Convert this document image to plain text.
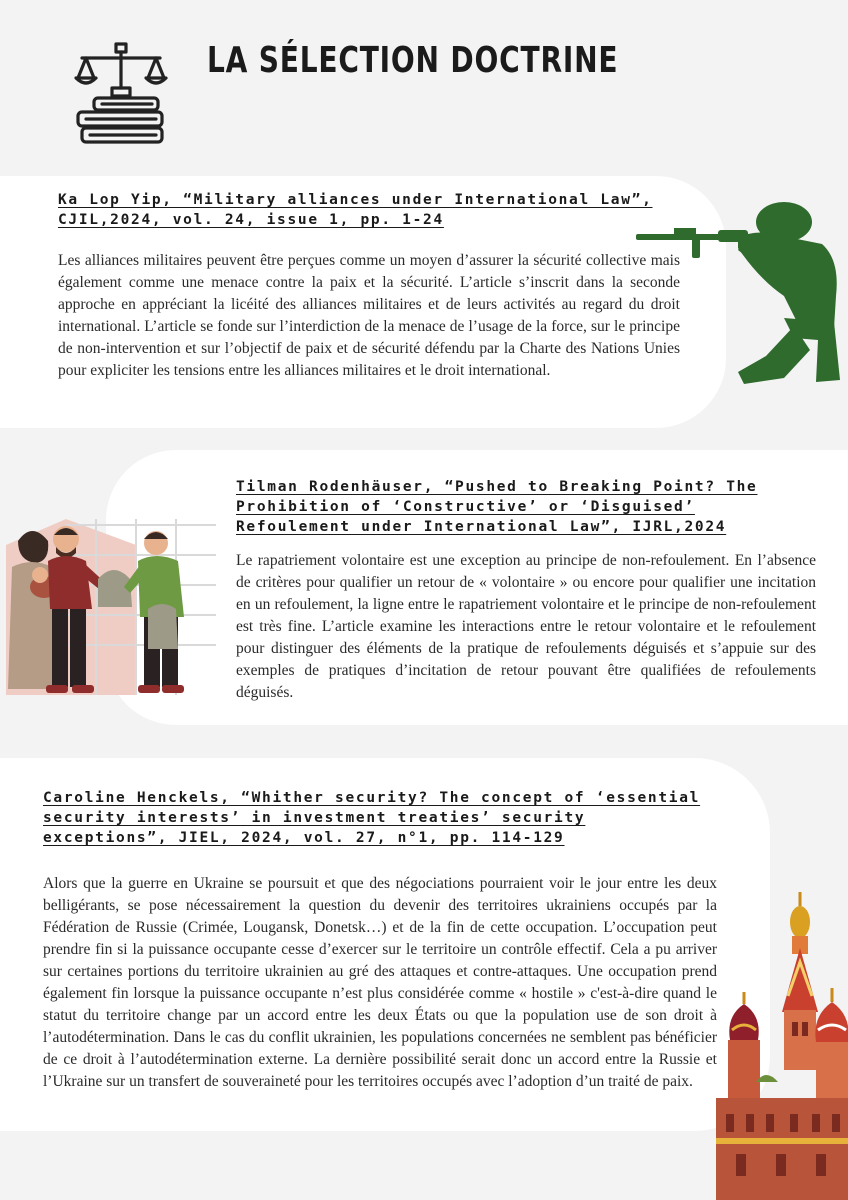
LA SÉLECTION DOCTRINE

Ka Lop Yip, “Military alliances under International Law”, CJIL,2024, vol. 24, issue 1, pp. 1-24

Les alliances militaires peuvent être perçues comme un moyen d’assurer la sécurité collective mais également comme une menace contre la paix et la sécurité. L’article s’inscrit dans la seconde approche en appréciant la licéité des alliances militaires et de leurs activités au regard du droit international. L’article se fonde sur l’interdiction de la menace de l’usage de la force, sur le principe de non-intervention et sur l’objectif de paix et de sécurité défendu par la Charte des Nations Unies pour expliciter les tensions entre les alliances militaires et le droit international.

Tilman Rodenhäuser, “Pushed to Breaking Point? The Prohibition of ‘Constructive’ or ‘Disguised’ Refoulement under International Law”, IJRL,2024

Le rapatriement volontaire est une exception au principe de non-refoulement. En l’absence de critères pour qualifier un retour de « volontaire » ou encore pour qualifier une incitation en un refoulement, la ligne entre le rapatriement volontaire et le principe de non-refoulement est très fine. L’article examine les interactions entre le retour volontaire et le refoulement pour distinguer des éléments de la pratique de refoulements déguisés et s’appuie sur des exemples de pratiques d’incitation de retour pouvant être qualifiées de refoulements déguisés.

Caroline Henckels, “Whither security? The concept of ‘essential security interests’ in investment treaties’ security exceptions”, JIEL, 2024, vol. 27, n°1, pp. 114-129

Alors que la guerre en Ukraine se poursuit et que des négociations pourraient voir le jour entre les deux belligérants, se pose nécessairement la question du devenir des territoires ukrainiens occupés par la Fédération de Russie (Crimée, Lougansk, Donetsk…) et de la fin de cette occupation. L’occupation peut prendre fin si la puissance occupante cesse d’exercer sur le territoire un contrôle effectif. Cela a pu arriver sur certaines portions du territoire ukrainien au gré des attaques et contre-attaques. Une occupation prend également fin lorsque la puissance occupante n’est plus considérée comme « hostile » c'est-à-dire quand le statut du territoire change par un accord entre les deux États ou que la population use de son droit à l’autodétermination. Dans le cas du conflit ukrainien, les populations concernées ne semblent pas bénéficier de ce droit à l’autodétermination externe. La dernière possibilité serait donc un accord entre la Russie et l’Ukraine sur un transfert de souveraineté pour les territoires occupés avec l’adoption d’un traité de paix.
